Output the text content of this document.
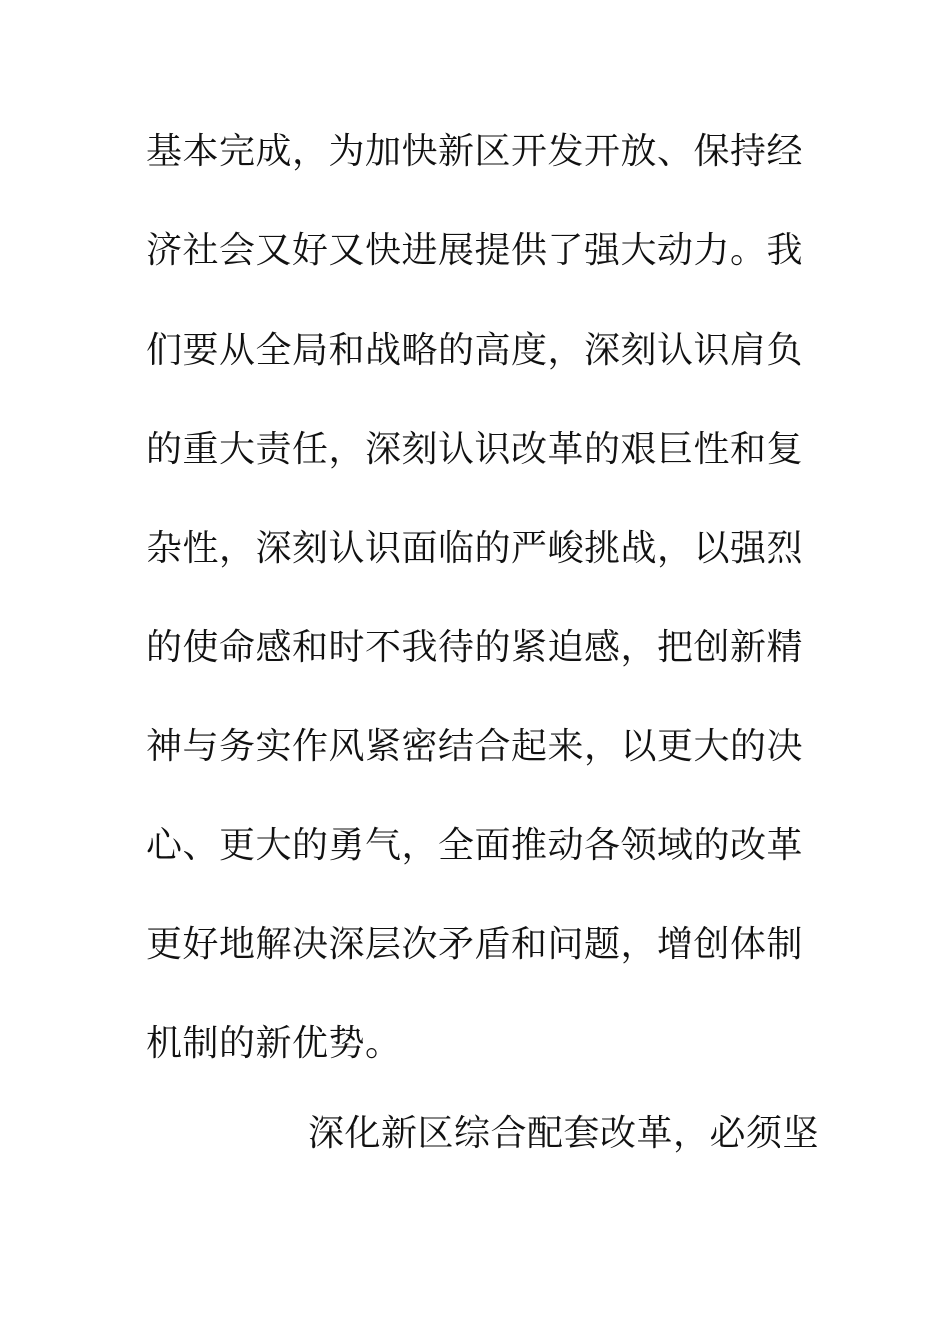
基本完成，为加快新区开发开放、保持经
济社会又好又快进展提供了强大动力。我
们要从全局和战略的高度，深刻认识肩负
的重大责任，深刻认识改革的艰巨性和复
杂性，深刻认识面临的严峻挑战，以强烈
的使命感和时不我待的紧迫感，把创新精
神与务实作风紧密结合起来，以更大的决
心、更大的勇气，全面推动各领域的改革
更好地解决深层次矛盾和问题，增创体制
机制的新优势。
深化新区综合配套改革，必须坚
